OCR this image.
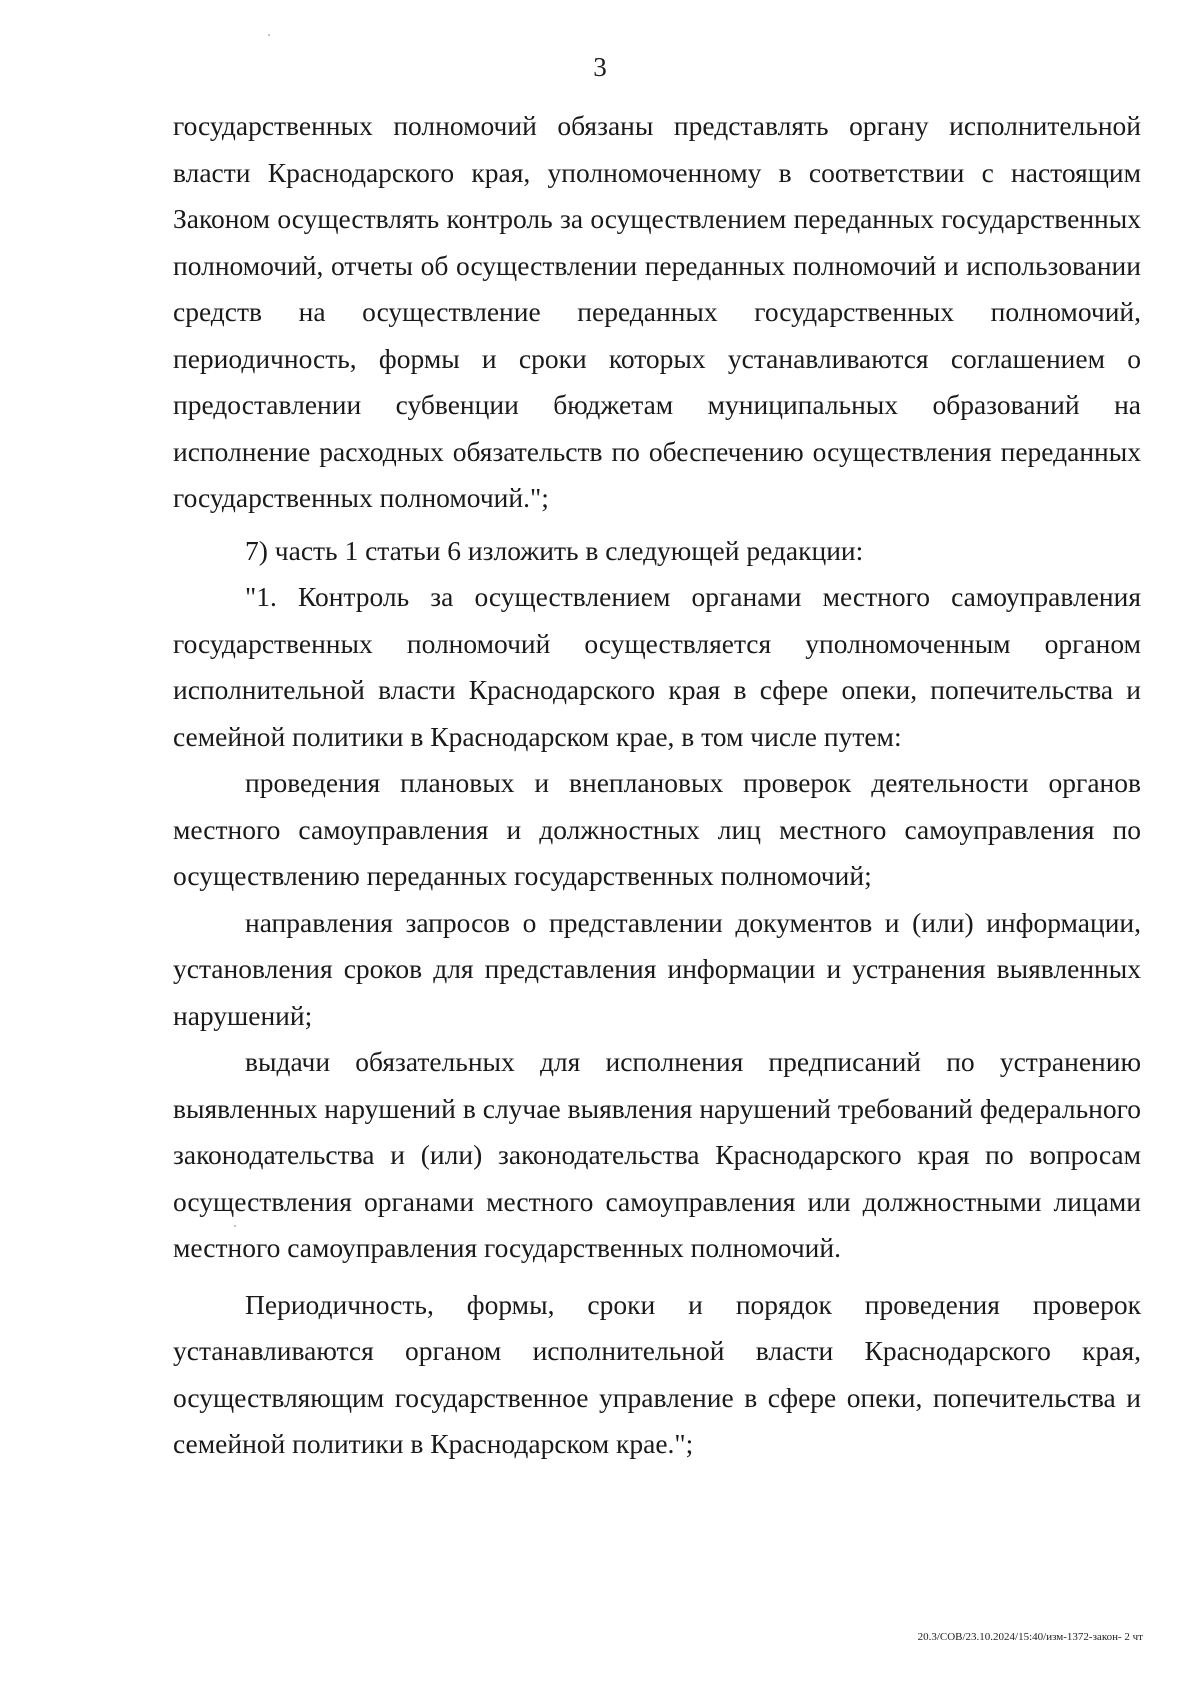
3

государственных полномочий обязаны представлять органу исполнительной власти Краснодарского края, уполномоченному в соответствии с настоящим Законом осуществлять контроль за осуществлением переданных государственных полномочий, отчеты об осуществлении переданных полномочий и использовании средств на осуществление переданных государственных полномочий, периодичность, формы и сроки которых устанавливаются соглашением о предоставлении субвенции бюджетам муниципальных образований на исполнение расходных обязательств по обеспечению осуществления переданных государственных полномочий.";

7) часть 1 статьи 6 изложить в следующей редакции:

"1. Контроль за осуществлением органами местного самоуправления государственных полномочий осуществляется уполномоченным органом исполнительной власти Краснодарского края в сфере опеки, попечительства и семейной политики в Краснодарском крае, в том числе путем:

проведения плановых и внеплановых проверок деятельности органов местного самоуправления и должностных лиц местного самоуправления по осуществлению переданных государственных полномочий;

направления запросов о представлении документов и (или) информации, установления сроков для представления информации и устранения выявленных нарушений;

выдачи обязательных для исполнения предписаний по устранению выявленных нарушений в случае выявления нарушений требований федерального законодательства и (или) законодательства Краснодарского края по вопросам осуществления органами местного самоуправления или должностными лицами местного самоуправления государственных полномочий.

Периодичность, формы, сроки и порядок проведения проверок устанавливаются органом исполнительной власти Краснодарского края, осуществляющим государственное управление в сфере опеки, попечительства и семейной политики в Краснодарском крае.";

20.3/СОВ/23.10.2024/15:40/изм-1372-закон- 2 чт
